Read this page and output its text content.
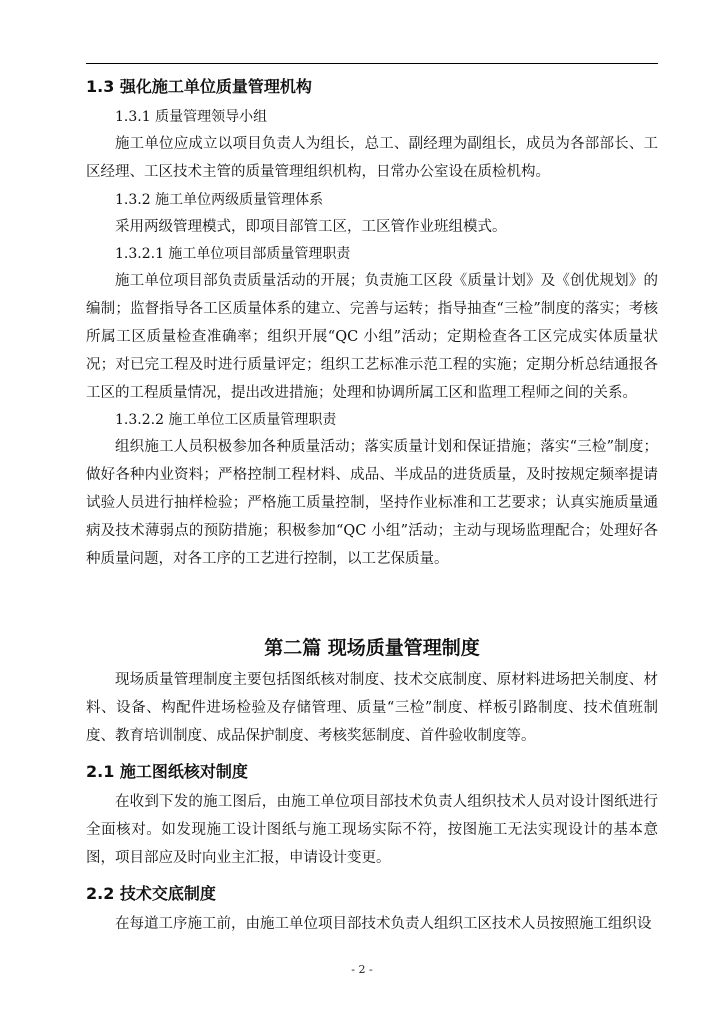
1.3 强化施工单位质量管理机构
1.3.1 质量管理领导小组

施工单位应成立以项目负责人为组长，总工、副经理为副组长，成员为各部部长、工区经理、工区技术主管的质量管理组织机构，日常办公室设在质检机构。

1.3.2 施工单位两级质量管理体系

采用两级管理模式，即项目部管工区，工区管作业班组模式。

1.3.2.1 施工单位项目部质量管理职责

施工单位项目部负责质量活动的开展；负责施工区段《质量计划》及《创优规划》的编制；监督指导各工区质量体系的建立、完善与运转；指导抽查“三检”制度的落实；考核所属工区质量检查准确率；组织开展“QC 小组”活动；定期检查各工区完成实体质量状况；对已完工程及时进行质量评定；组织工艺标准示范工程的实施；定期分析总结通报各工区的工程质量情况，提出改进措施；处理和协调所属工区和监理工程师之间的关系。

1.3.2.2 施工单位工区质量管理职责

组织施工人员积极参加各种质量活动；落实质量计划和保证措施；落实“三检”制度；做好各种内业资料；严格控制工程材料、成品、半成品的进货质量，及时按规定频率提请试验人员进行抽样检验；严格施工质量控制，坚持作业标准和工艺要求；认真实施质量通病及技术薄弱点的预防措施；积极参加“QC 小组”活动；主动与现场监理配合；处理好各种质量问题，对各工序的工艺进行控制，以工艺保质量。

第二篇 现场质量管理制度

现场质量管理制度主要包括图纸核对制度、技术交底制度、原材料进场把关制度、材料、设备、构配件进场检验及存储管理、质量“三检”制度、样板引路制度、技术值班制度、教育培训制度、成品保护制度、考核奖惩制度、首件验收制度等。

2.1 施工图纸核对制度

在收到下发的施工图后，由施工单位项目部技术负责人组织技术人员对设计图纸进行全面核对。如发现施工设计图纸与施工现场实际不符，按图施工无法实现设计的基本意图，项目部应及时向业主汇报，申请设计变更。

2.2 技术交底制度

在每道工序施工前，由施工单位项目部技术负责人组织工区技术人员按照施工组织设

- 2 -
